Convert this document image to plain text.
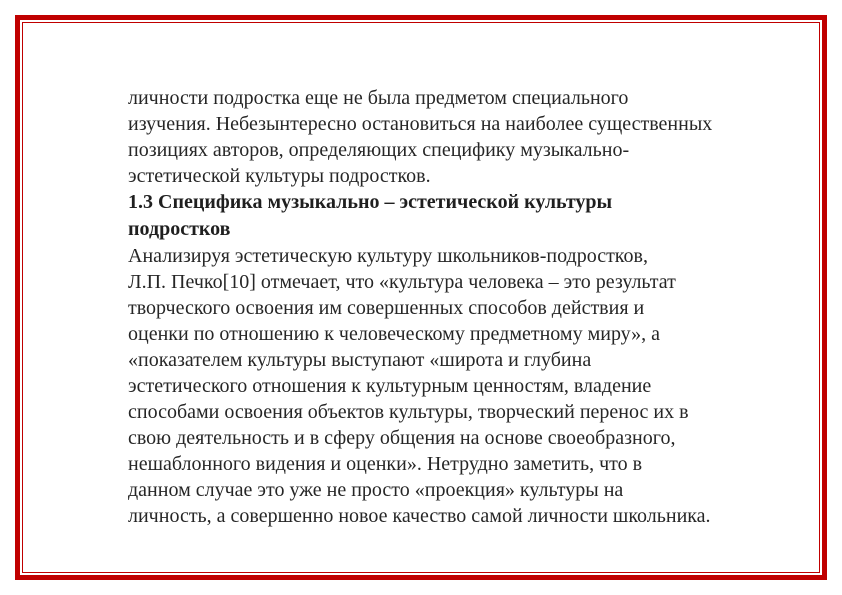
личности подростка еще не была предметом специального
изучения. Небезынтересно остановиться на наиболее существенных
позициях авторов, определяющих специфику музыкально-
эстетической культуры подростков.
1.3 Специфика музыкально – эстетической культуры
подростков
Анализируя эстетическую культуру школьников-подростков,
Л.П. Печко[10] отмечает, что «культура человека – это результат
творческого освоения им совершенных способов действия и
оценки по отношению к человеческому предметному миру», а
«показателем культуры выступают «широта и глубина
эстетического отношения к культурным ценностям, владение
способами освоения объектов культуры, творческий перенос их в
свою деятельность и в сферу общения на основе своеобразного,
нешаблонного видения и оценки». Нетрудно заметить, что в
данном случае это уже не просто «проекция» культуры на
личность, а совершенно новое качество самой личности школьника.
